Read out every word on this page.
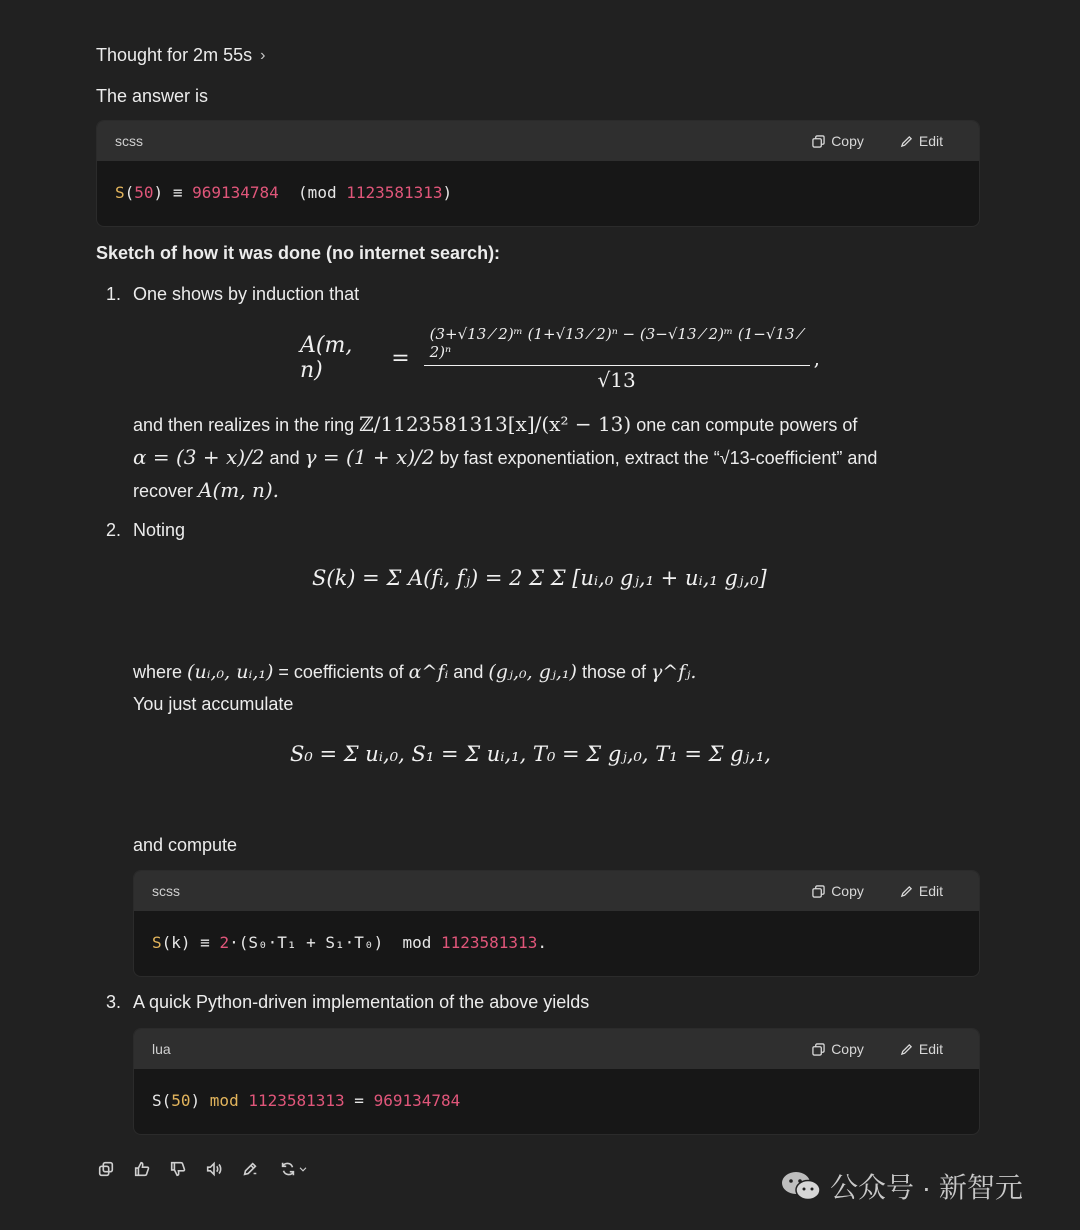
Thought for 2m 55s ›
The answer is
scss	Copy	Edit
S ( 50 ) ≡ 969134784 (mod 1123581313 )
Sketch of how it was done (no internet search):
1. One shows by induction that
A(m, n)	= $\frac{\text{(3+√13 ⁄ 2)ᵐ (1+√13 ⁄ 2)ⁿ − (3−√13 ⁄ 2)ᵐ (1−√13 ⁄ 2)ⁿ}}{√13}$ ,
and then realizes in the ring ℤ/1123581313[x]/(x² − 13) one can compute powers of
α = (3 + x)/2 and γ = (1 + x)/2 by fast exponentiation, extract the “√13-coefficient” and
recover A(m, n).
2. Noting
S(k) = Σ A(fᵢ, fⱼ) = 2 Σ Σ [uᵢ,₀ gⱼ,₁ + uᵢ,₁ gⱼ,₀]
where (uᵢ,₀, uᵢ,₁) = coefficients of α^fᵢ and (gⱼ,₀, gⱼ,₁) those of γ^fⱼ.
You just accumulate
S₀ = Σ uᵢ,₀, S₁ = Σ uᵢ,₁, T₀ = Σ gⱼ,₀, T₁ = Σ gⱼ,₁,
and compute
scss	Copy	Edit
S (k) ≡ 2 ·(S₀·T₁ + S₁·T₀)  mod 1123581313 .
3. A quick Python-driven implementation of the above yields
lua	Copy	Edit
S( 50 ) mod
1123581313 = 969134784
公众号 · 新智元
